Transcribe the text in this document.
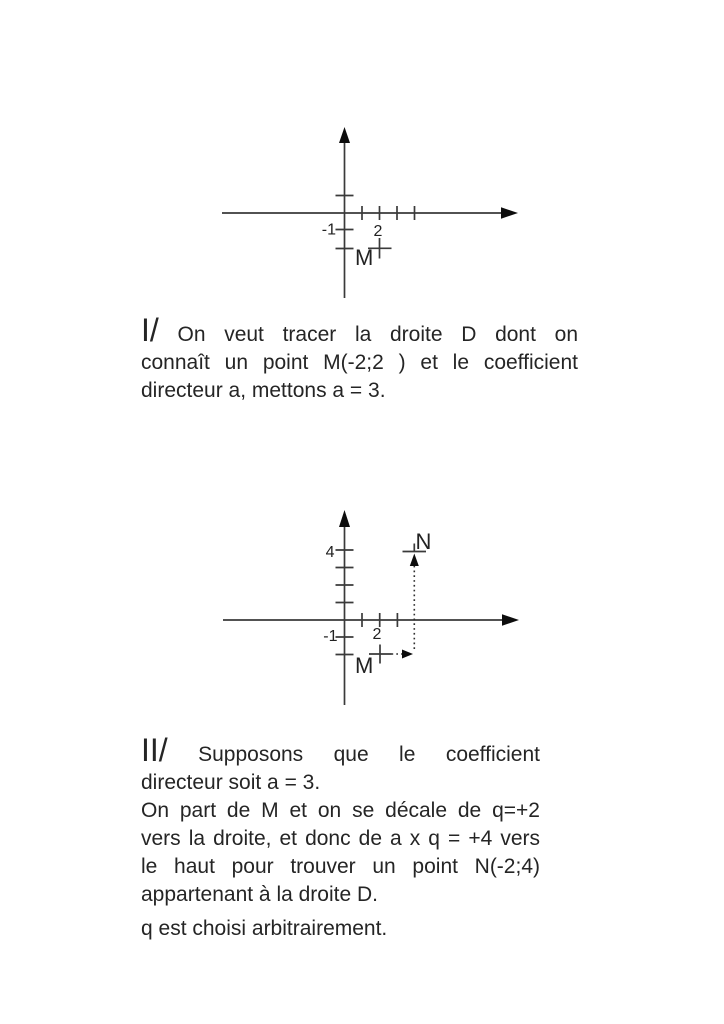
-1 2
M
I/ On veut tracer la droite D dont on
connaît un point M(-2;2 ) et le coefficient
directeur a, mettons a = 3.
4
-1 2
M
N
II/ Supposons que le coefficient
directeur soit a = 3.
On part de M et on se décale de q=+2
vers la droite, et donc de a x q = +4 vers
le haut pour trouver un point N(-2;4)
appartenant à la droite D.
q est choisi arbitrairement.
